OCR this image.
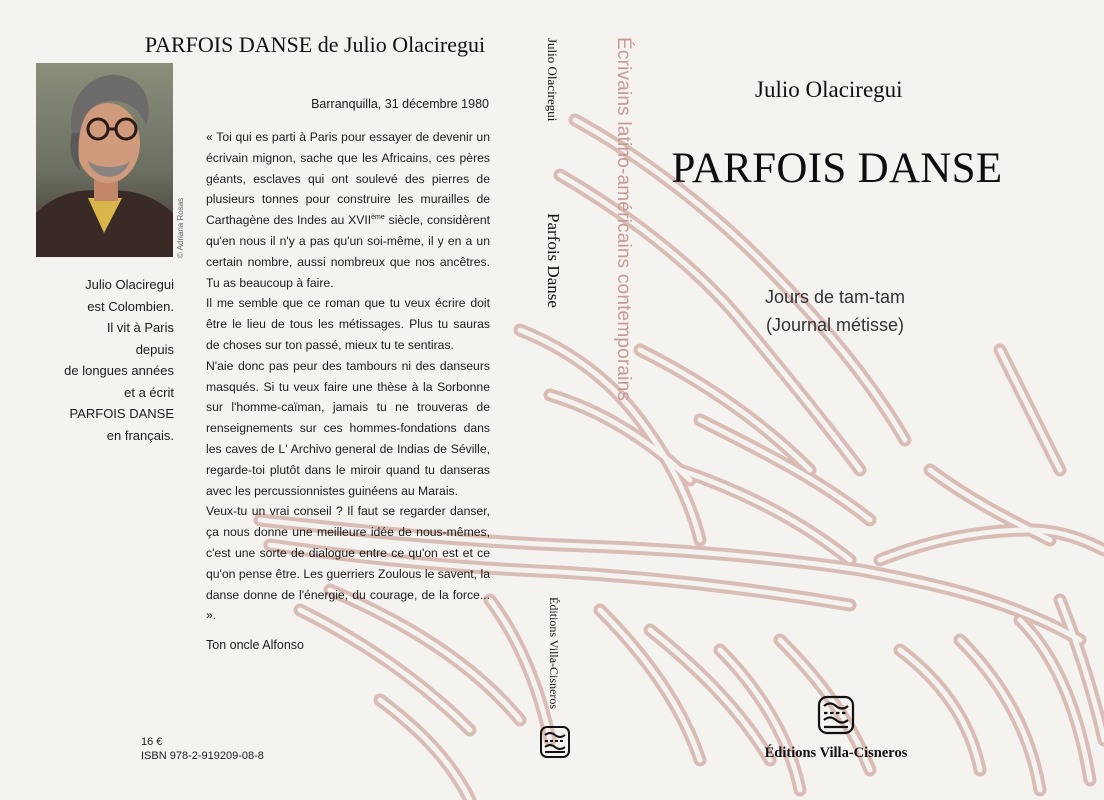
PARFOIS DANSE de Julio Olaciregui
© Adriana Rosas
Julio Olaciregui
est Colombien.
Il vit à Paris
depuis
de longues années
et a écrit
PARFOIS DANSE
en français.
Barranquilla, 31 décembre 1980

« Toi qui es parti à Paris pour essayer de devenir un écrivain mignon, sache que les Africains, ces pères géants, esclaves qui ont soulevé des pierres de plusieurs tonnes pour construire les murailles de Carthagène des Indes au XVIIème siècle, considèrent qu'en nous il n'y a pas qu'un soi-même, il y en a un certain nombre, aussi nombreux que nos ancêtres. Tu as beaucoup à faire.

Il me semble que ce roman que tu veux écrire doit être le lieu de tous les métissages. Plus tu sauras de choses sur ton passé, mieux tu te sentiras.

N'aie donc pas peur des tambours ni des danseurs masqués. Si tu veux faire une thèse à la Sorbonne sur l'homme-caïman, jamais tu ne trouveras de renseignements sur ces hommes-fondations dans les caves de L' Archivo general de Indias de Séville, regarde-toi plutôt dans le miroir quand tu danseras avec les percussionnistes guinéens au Marais.

Veux-tu un vrai conseil ? Il faut se regarder danser, ça nous donne une meilleure idée de nous-mêmes, c'est une sorte de dialogue entre ce qu'on est et ce qu'on pense être. Les guerriers Zoulous le savent, la danse donne de l'énergie, du courage, de la force... ».

Ton oncle Alfonso
16 €
ISBN 978-2-919209-08-8
Julio Olaciregui
Parfois Danse	Écrivains latino-américains contemporains
Éditions Villa-Cisneros
Julio Olaciregui
PARFOIS DANSE
Jours de tam-tam
(Journal métisse)
Éditions Villa-Cisneros
